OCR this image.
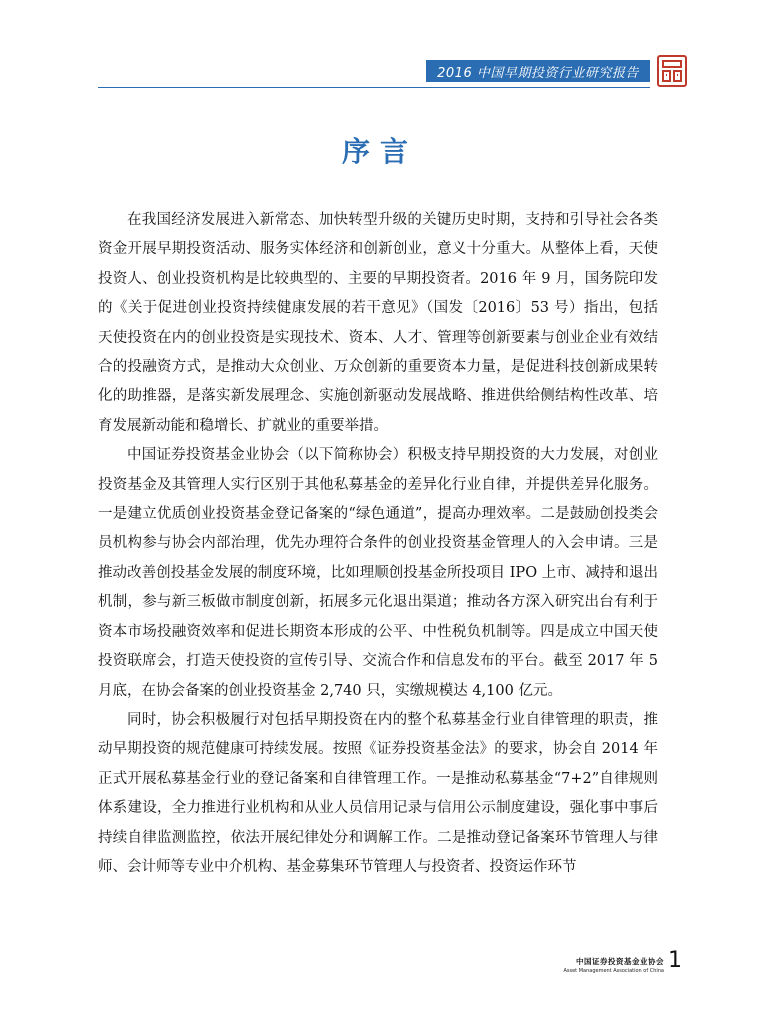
2016 中国早期投资行业研究报告
序言

在我国经济发展进入新常态、加快转型升级的关键历史时期，支持和引导社会各类资金开展早期投资活动、服务实体经济和创新创业，意义十分重大。从整体上看，天使投资人、创业投资机构是比较典型的、主要的早期投资者。2016 年 9 月，国务院印发的《关于促进创业投资持续健康发展的若干意见》（国发〔2016〕53 号）指出，包括天使投资在内的创业投资是实现技术、资本、人才、管理等创新要素与创业企业有效结合的投融资方式，是推动大众创业、万众创新的重要资本力量，是促进科技创新成果转化的助推器，是落实新发展理念、实施创新驱动发展战略、推进供给侧结构性改革、培育发展新动能和稳增长、扩就业的重要举措。

中国证券投资基金业协会（以下简称协会）积极支持早期投资的大力发展，对创业投资基金及其管理人实行区别于其他私募基金的差异化行业自律，并提供差异化服务。一是建立优质创业投资基金登记备案的“绿色通道”，提高办理效率。二是鼓励创投类会员机构参与协会内部治理，优先办理符合条件的创业投资基金管理人的入会申请。三是推动改善创投基金发展的制度环境，比如理顺创投基金所投项目 IPO 上市、减持和退出机制，参与新三板做市制度创新，拓展多元化退出渠道；推动各方深入研究出台有利于资本市场投融资效率和促进长期资本形成的公平、中性税负机制等。四是成立中国天使投资联席会，打造天使投资的宣传引导、交流合作和信息发布的平台。截至 2017 年 5 月底，在协会备案的创业投资基金 2,740 只，实缴规模达 4,100 亿元。

同时，协会积极履行对包括早期投资在内的整个私募基金行业自律管理的职责，推动早期投资的规范健康可持续发展。按照《证券投资基金法》的要求，协会自 2014 年正式开展私募基金行业的登记备案和自律管理工作。一是推动私募基金“7+2”自律规则体系建设，全力推进行业机构和从业人员信用记录与信用公示制度建设，强化事中事后持续自律监测监控，依法开展纪律处分和调解工作。二是推动登记备案环节管理人与律师、会计师等专业中介机构、基金募集环节管理人与投资者、投资运作环节

中国证券投资基金业协会
Asset Management Association of China 1
